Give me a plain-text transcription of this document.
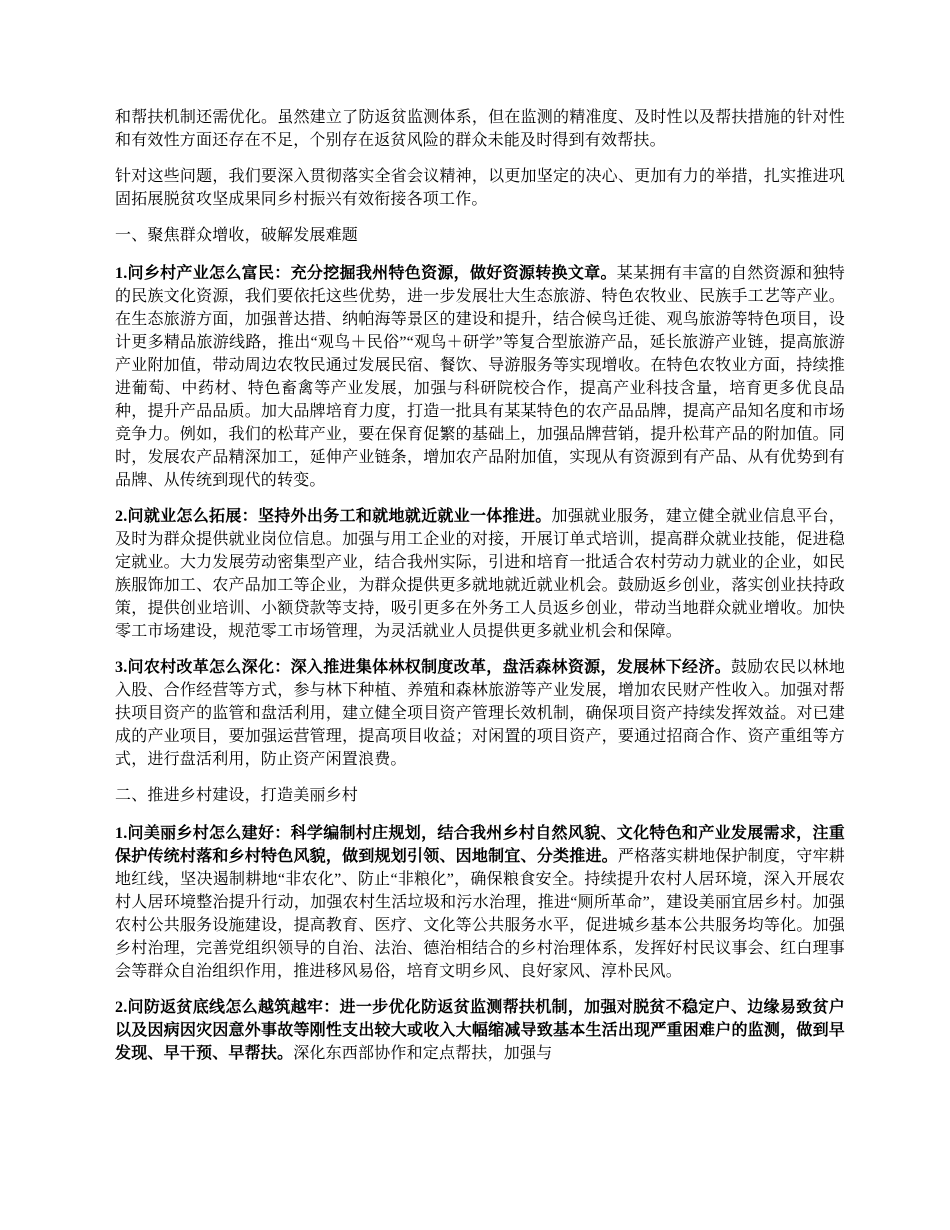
和帮扶机制还需优化。虽然建立了防返贫监测体系，但在监测的精准度、及时性以及帮扶措施的针对性和有效性方面还存在不足，个别存在返贫风险的群众未能及时得到有效帮扶。

针对这些问题，我们要深入贯彻落实全省会议精神，以更加坚定的决心、更加有力的举措，扎实推进巩固拓展脱贫攻坚成果同乡村振兴有效衔接各项工作。

一、聚焦群众增收，破解发展难题

1.问乡村产业怎么富民：充分挖掘我州特色资源，做好资源转换文章。某某拥有丰富的自然资源和独特的民族文化资源，我们要依托这些优势，进一步发展壮大生态旅游、特色农牧业、民族手工艺等产业。在生态旅游方面，加强普达措、纳帕海等景区的建设和提升，结合候鸟迁徙、观鸟旅游等特色项目，设计更多精品旅游线路，推出“观鸟＋民俗”“观鸟＋研学”等复合型旅游产品，延长旅游产业链，提高旅游产业附加值，带动周边农牧民通过发展民宿、餐饮、导游服务等实现增收。在特色农牧业方面，持续推进葡萄、中药材、特色畜禽等产业发展，加强与科研院校合作，提高产业科技含量，培育更多优良品种，提升产品品质。加大品牌培育力度，打造一批具有某某特色的农产品品牌，提高产品知名度和市场竞争力。例如，我们的松茸产业，要在保育促繁的基础上，加强品牌营销，提升松茸产品的附加值。同时，发展农产品精深加工，延伸产业链条，增加农产品附加值，实现从有资源到有产品、从有优势到有品牌、从传统到现代的转变。

2.问就业怎么拓展：坚持外出务工和就地就近就业一体推进。加强就业服务，建立健全就业信息平台，及时为群众提供就业岗位信息。加强与用工企业的对接，开展订单式培训，提高群众就业技能，促进稳定就业。大力发展劳动密集型产业，结合我州实际，引进和培育一批适合农村劳动力就业的企业，如民族服饰加工、农产品加工等企业，为群众提供更多就地就近就业机会。鼓励返乡创业，落实创业扶持政策，提供创业培训、小额贷款等支持，吸引更多在外务工人员返乡创业，带动当地群众就业增收。加快零工市场建设，规范零工市场管理，为灵活就业人员提供更多就业机会和保障。

3.问农村改革怎么深化：深入推进集体林权制度改革，盘活森林资源，发展林下经济。鼓励农民以林地入股、合作经营等方式，参与林下种植、养殖和森林旅游等产业发展，增加农民财产性收入。加强对帮扶项目资产的监管和盘活利用，建立健全项目资产管理长效机制，确保项目资产持续发挥效益。对已建成的产业项目，要加强运营管理，提高项目收益；对闲置的项目资产，要通过招商合作、资产重组等方式，进行盘活利用，防止资产闲置浪费。

二、推进乡村建设，打造美丽乡村

1.问美丽乡村怎么建好：科学编制村庄规划，结合我州乡村自然风貌、文化特色和产业发展需求，注重保护传统村落和乡村特色风貌，做到规划引领、因地制宜、分类推进。严格落实耕地保护制度，守牢耕地红线，坚决遏制耕地“非农化”、防止“非粮化”，确保粮食安全。持续提升农村人居环境，深入开展农村人居环境整治提升行动，加强农村生活垃圾和污水治理，推进“厕所革命”，建设美丽宜居乡村。加强农村公共服务设施建设，提高教育、医疗、文化等公共服务水平，促进城乡基本公共服务均等化。加强乡村治理，完善党组织领导的自治、法治、德治相结合的乡村治理体系，发挥好村民议事会、红白理事会等群众自治组织作用，推进移风易俗，培育文明乡风、良好家风、淳朴民风。

2.问防返贫底线怎么越筑越牢：进一步优化防返贫监测帮扶机制，加强对脱贫不稳定户、边缘易致贫户以及因病因灾因意外事故等刚性支出较大或收入大幅缩减导致基本生活出现严重困难户的监测，做到早发现、早干预、早帮扶。深化东西部协作和定点帮扶，加强与
